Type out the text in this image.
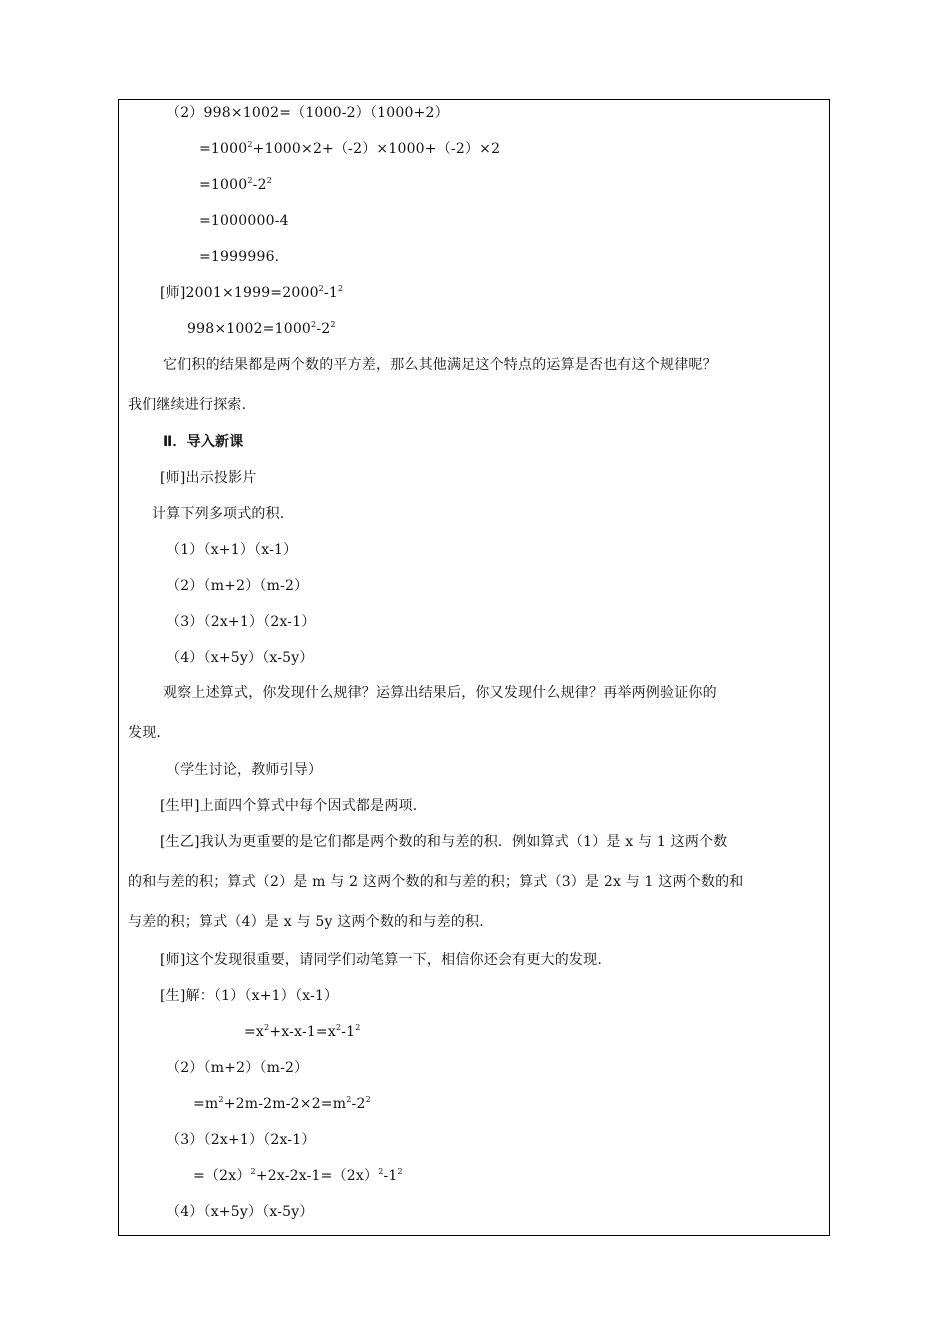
（2）998×1002=（1000-2）（1000+2）
$=1000^2+1000\times 2+(-2)\times 1000+(-2)\times 2$
$=1000^2-2^2$
=1000000-4
=1999996.
[师]$2001\times 1999=2000^2-1^2$
$998\times 1002=1000^2-2^2$
它们积的结果都是两个数的平方差，那么其他满足这个特点的运算是否也有这个规律呢？
我们继续进行探索.
Ⅱ．导入新课
[师]出示投影片
计算下列多项式的积.
（1）（x+1）（x-1）
（2）（m+2）（m-2）
（3）（2x+1）（2x-1）
（4）（x+5y）（x-5y）
观察上述算式，你发现什么规律？运算出结果后，你又发现什么规律？再举两例验证你的
发现.
（学生讨论，教师引导）
[生甲]上面四个算式中每个因式都是两项.
[生乙]我认为更重要的是它们都是两个数的和与差的积．例如算式（1）是 x 与 1 这两个数
的和与差的积；算式（2）是 m 与 2 这两个数的和与差的积；算式（3）是 2x 与 1 这两个数的和
与差的积；算式（4）是 x 与 5y 这两个数的和与差的积.
[师]这个发现很重要，请同学们动笔算一下，相信你还会有更大的发现.
[生]解：（1）（x+1）（x-1）
$=x^2+x-x-1=x^2-1^2$
（2）（m+2）（m-2）
$=m^2+2m-2m-2\times 2=m^2-2^2$
（3）（2x+1）（2x-1）
$=(2x)^2+2x-2x-1=(2x)^2-1^2$
（4）（x+5y）（x-5y）
